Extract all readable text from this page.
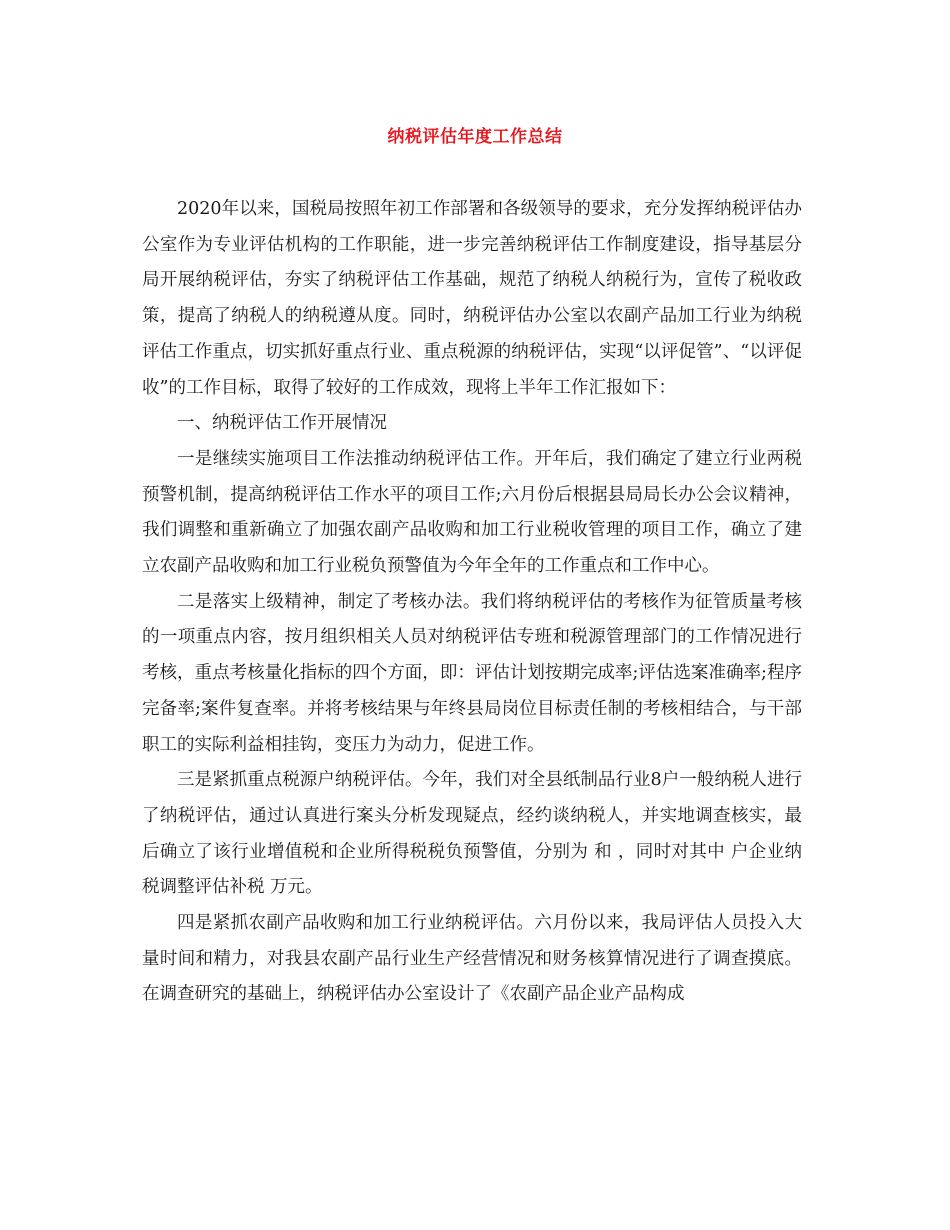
纳税评估年度工作总结

2020年以来，国税局按照年初工作部署和各级领导的要求，充分发挥纳税评估办公室作为专业评估机构的工作职能，进一步完善纳税评估工作制度建设，指导基层分局开展纳税评估，夯实了纳税评估工作基础，规范了纳税人纳税行为，宣传了税收政策，提高了纳税人的纳税遵从度。同时，纳税评估办公室以农副产品加工行业为纳税评估工作重点，切实抓好重点行业、重点税源的纳税评估，实现“以评促管”、“以评促收”的工作目标，取得了较好的工作成效，现将上半年工作汇报如下：

一、纳税评估工作开展情况

一是继续实施项目工作法推动纳税评估工作。开年后，我们确定了建立行业两税预警机制，提高纳税评估工作水平的项目工作;六月份后根据县局局长办公会议精神，我们调整和重新确立了加强农副产品收购和加工行业税收管理的项目工作，确立了建立农副产品收购和加工行业税负预警值为今年全年的工作重点和工作中心。

二是落实上级精神，制定了考核办法。我们将纳税评估的考核作为征管质量考核的一项重点内容，按月组织相关人员对纳税评估专班和税源管理部门的工作情况进行考核，重点考核量化指标的四个方面，即：评估计划按期完成率;评估选案准确率;程序完备率;案件复查率。并将考核结果与年终县局岗位目标责任制的考核相结合，与干部职工的实际利益相挂钩，变压力为动力，促进工作。

三是紧抓重点税源户纳税评估。今年，我们对全县纸制品行业8户一般纳税人进行了纳税评估，通过认真进行案头分析发现疑点，经约谈纳税人，并实地调查核实，最后确立了该行业增值税和企业所得税税负预警值，分别为 和 ，同时对其中 户企业纳税调整评估补税 万元。

四是紧抓农副产品收购和加工行业纳税评估。六月份以来，我局评估人员投入大量时间和精力，对我县农副产品行业生产经营情况和财务核算情况进行了调查摸底。在调查研究的基础上，纳税评估办公室设计了《农副产品企业产品构成
